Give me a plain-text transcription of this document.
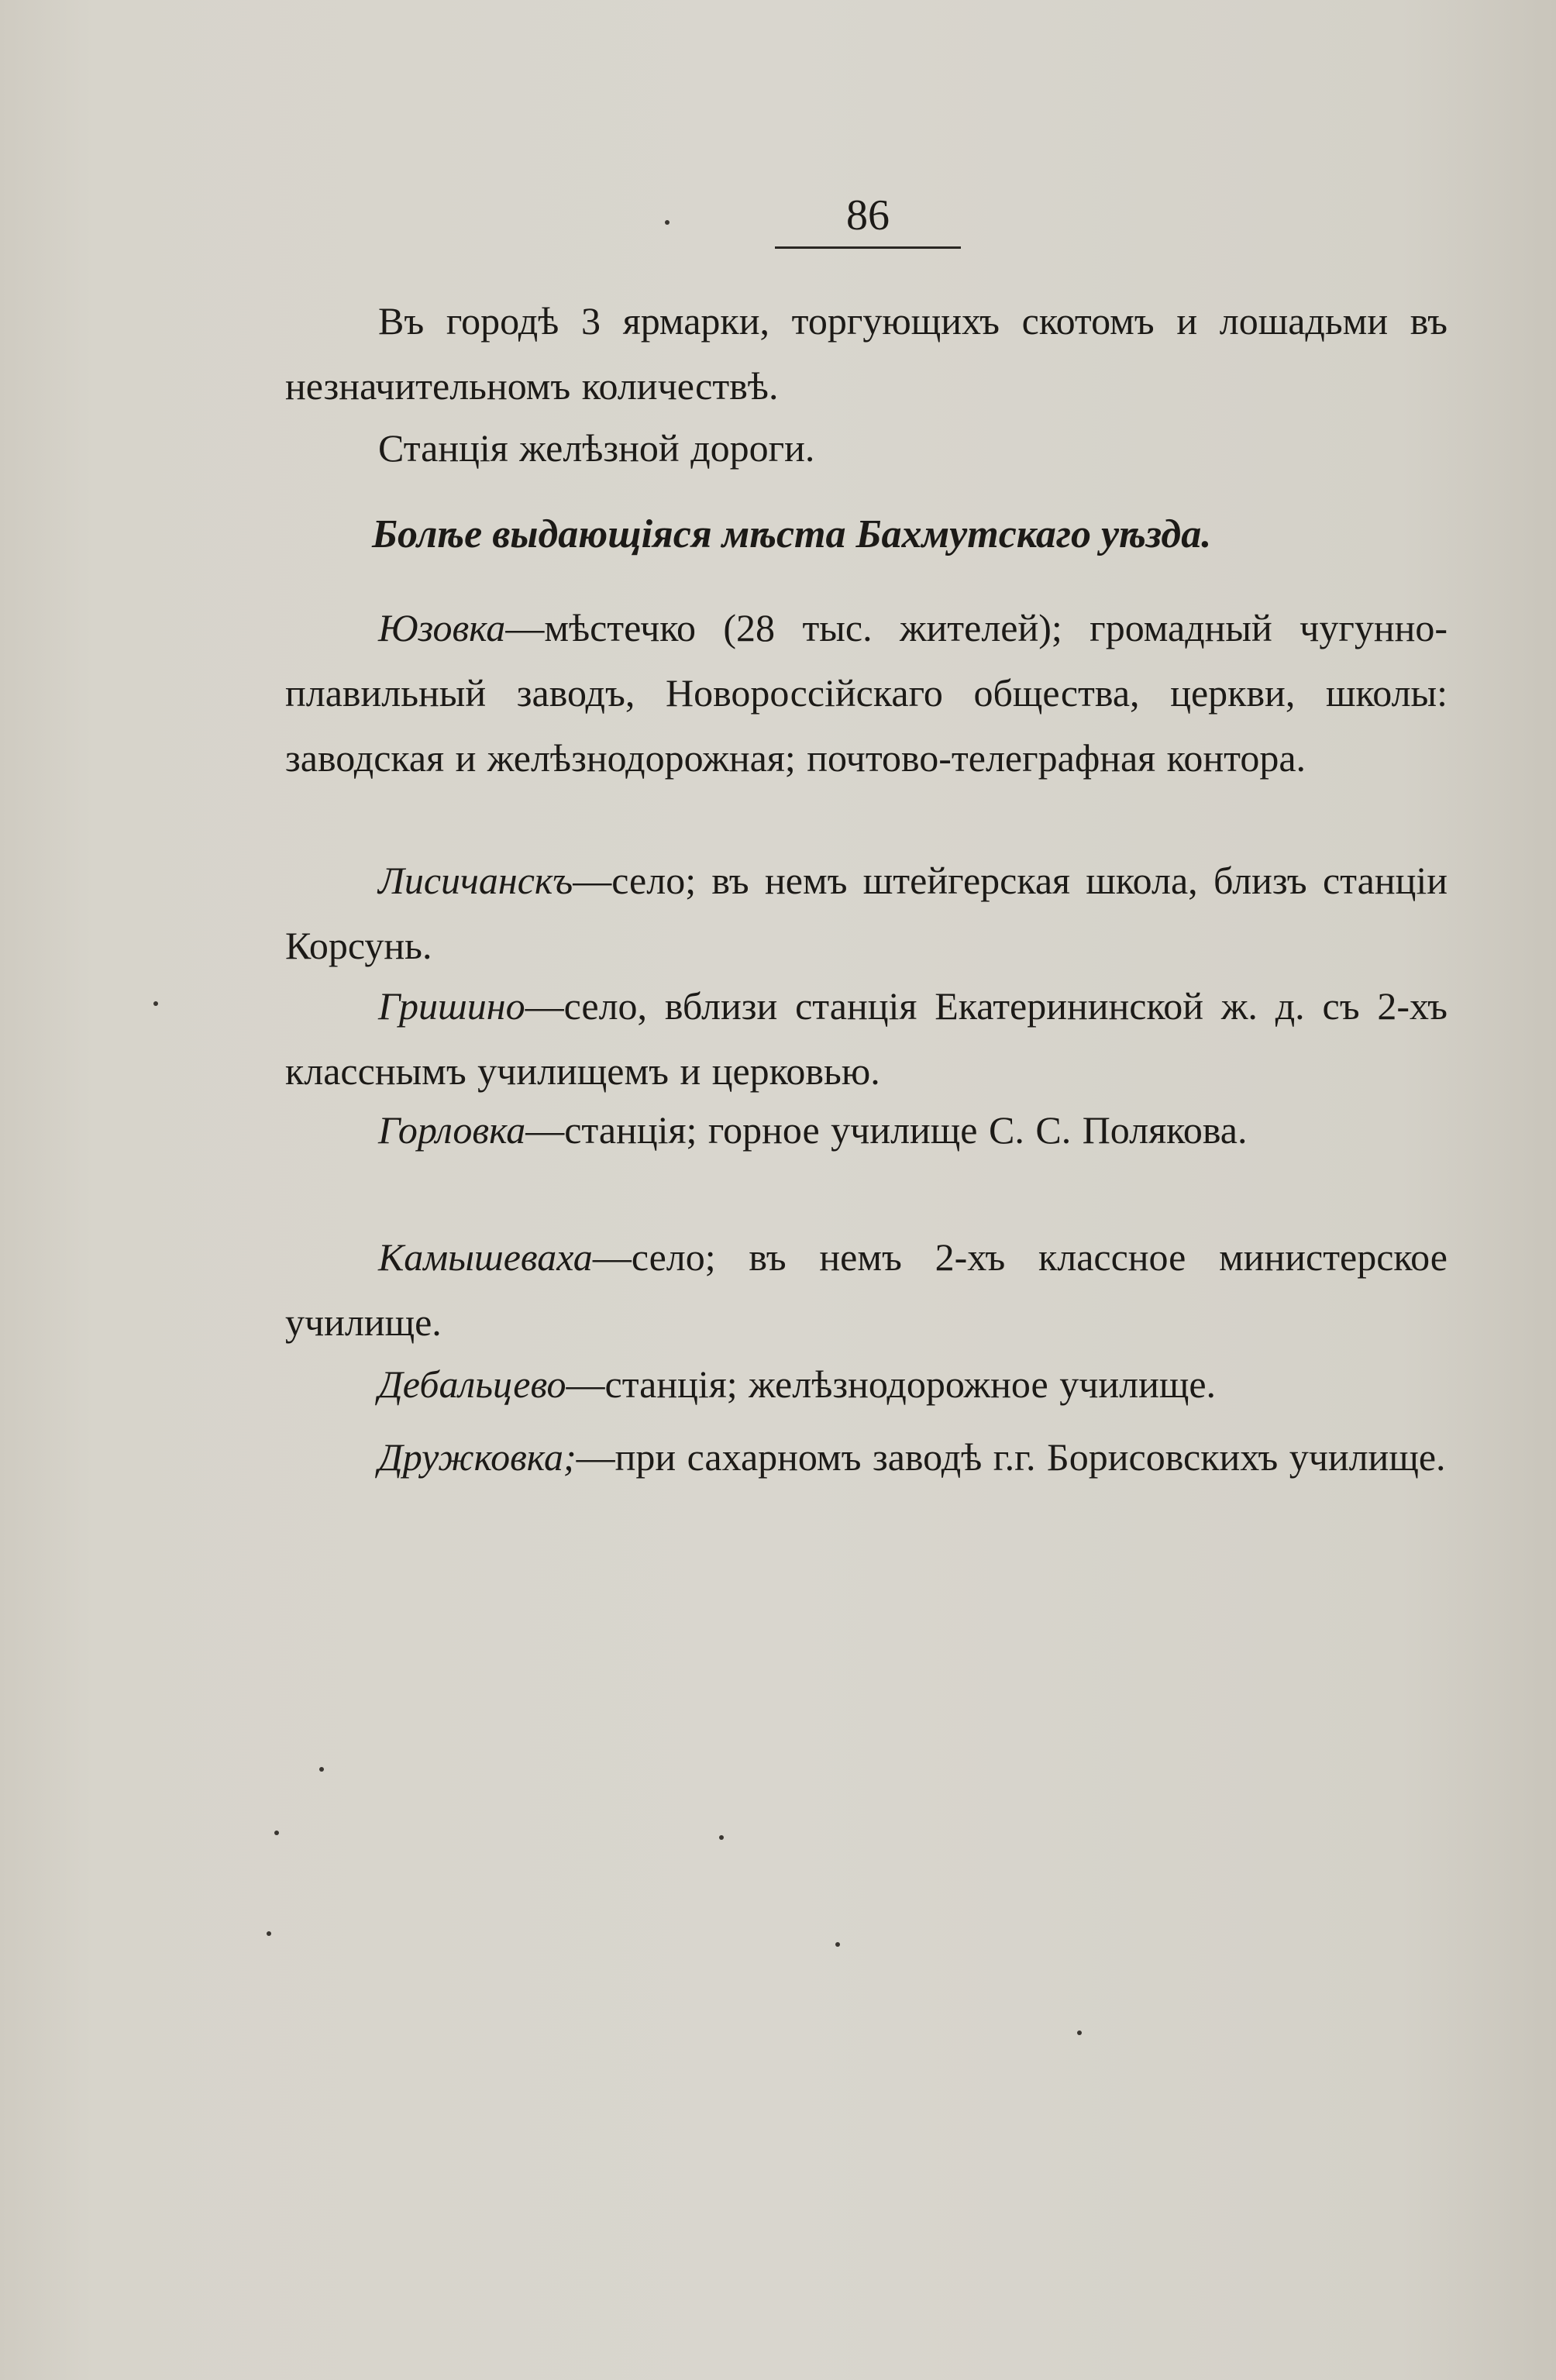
86
Въ городѣ 3 ярмарки, торгующихъ скотомъ и лошадьми въ незначительномъ количествѣ.
Станція желѣзной дороги.
Болѣе выдающіяся мѣста Бахмутскаго уѣзда.
Юзовка—мѣстечко (28 тыс. жителей); громадный чугунно-плавильный заводъ, Новороссійскаго общества, церкви, школы: заводская и желѣзнодорожная; почтово-телеграфная контора.
Лисичанскъ—село; въ немъ штейгерская школа, близъ станціи Корсунь.
Гришино—село, вблизи станція Екатерининской ж. д. съ 2-хъ класснымъ училищемъ и церковью.
Горловка—станція; горное училище С. С. Полякова.
Камышеваха—село; въ немъ 2-хъ классное министерское училище.
Дебальцево—станція; желѣзнодорожное училище.
Дружковка;—при сахарномъ заводѣ г.г. Борисовскихъ училище.
